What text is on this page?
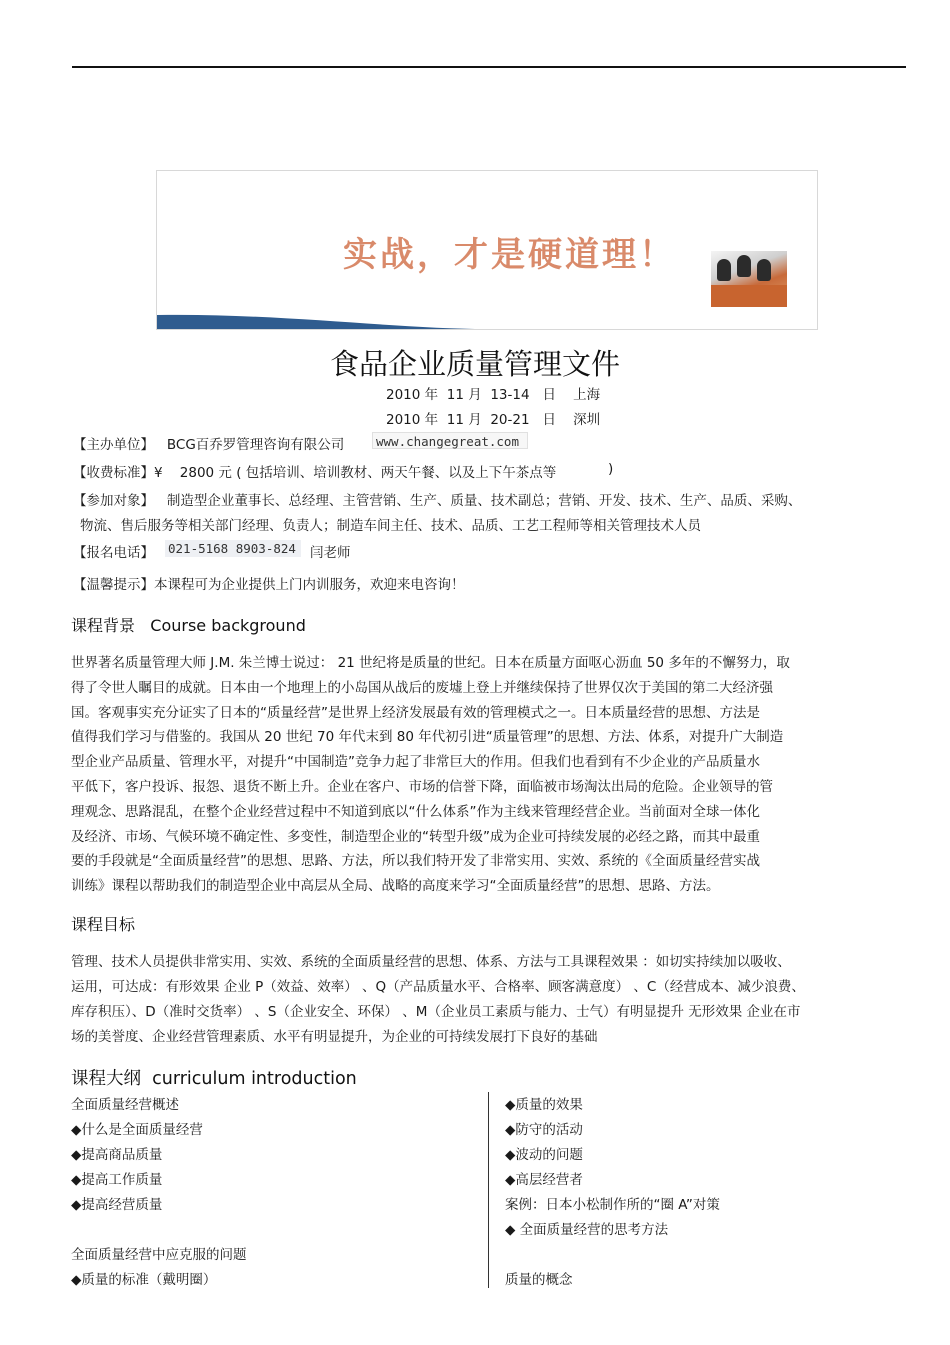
实战，才是硬道理！
食品企业质量管理文件
2010 年 11 月 13-14 日 上海
2010 年 11 月 20-21 日 深圳
【主办单位】 BCG百乔罗管理咨询有限公司	www.changegreat.com
【收费标准】¥ 2800 元 ( 包括培训、培训教材、两天午餐、以及上下午茶点等	)
【参加对象】 制造型企业董事长、总经理、主管营销、生产、质量、技术副总；营销、开发、技术、生产、品质、采购、
物流、售后服务等相关部门经理、负责人；制造车间主任、技术、品质、工艺工程师等相关管理技术人员
【报名电话】 021-5168 8903-824	闫老师
【温馨提示】本课程可为企业提供上门内训服务，欢迎来电咨询！
课程背景 Course background
世界著名质量管理大师 J.M. 朱兰博士说过： 21 世纪将是质量的世纪。日本在质量方面呕心沥血 50 多年的不懈努力，取
得了令世人瞩目的成就。日本由一个地理上的小岛国从战后的废墟上登上并继续保持了世界仅次于美国的第二大经济强
国。客观事实充分证实了日本的“质量经营”是世界上经济发展最有效的管理模式之一。日本质量经营的思想、方法是
值得我们学习与借鉴的。我国从 20 世纪 70 年代末到 80 年代初引进“质量管理”的思想、方法、体系，对提升广大制造
型企业产品质量、管理水平，对提升“中国制造”竞争力起了非常巨大的作用。但我们也看到有不少企业的产品质量水
平低下，客户投诉、报怨、退货不断上升。企业在客户、市场的信誉下降，面临被市场淘汰出局的危险。企业领导的管
理观念、思路混乱，在整个企业经营过程中不知道到底以“什么体系”作为主线来管理经营企业。当前面对全球一体化
及经济、市场、气候环境不确定性、多变性，制造型企业的“转型升级”成为企业可持续发展的必经之路，而其中最重
要的手段就是“全面质量经营”的思想、思路、方法，所以我们特开发了非常实用、实效、系统的《全面质量经营实战
训练》课程以帮助我们的制造型企业中高层从全局、战略的高度来学习“全面质量经营”的思想、思路、方法。
课程目标
管理、技术人员提供非常实用、实效、系统的全面质量经营的思想、体系、方法与工具课程效果 ：如切实持续加以吸收、
运用，可达成：有形效果 企业 P（效益、效率） 、Q（产品质量水平、合格率、顾客满意度） 、C（经营成本、减少浪费、
库存积压）、D（准时交货率） 、S（企业安全、环保） 、M（企业员工素质与能力、士气）有明显提升 无形效果 企业在市
场的美誉度、企业经营管理素质、水平有明显提升，为企业的可持续发展打下良好的基础
课程大纲 curriculum introduction
全面质量经营概述
◆什么是全面质量经营
◆提高商品质量
◆提高工作质量
◆提高经营质量
全面质量经营中应克服的问题
◆质量的标准（戴明圈）
◆质量的效果
◆防守的活动
◆波动的问题
◆高层经营者
案例：日本小松制作所的“圈 A”对策
◆ 全面质量经营的思考方法
质量的概念
